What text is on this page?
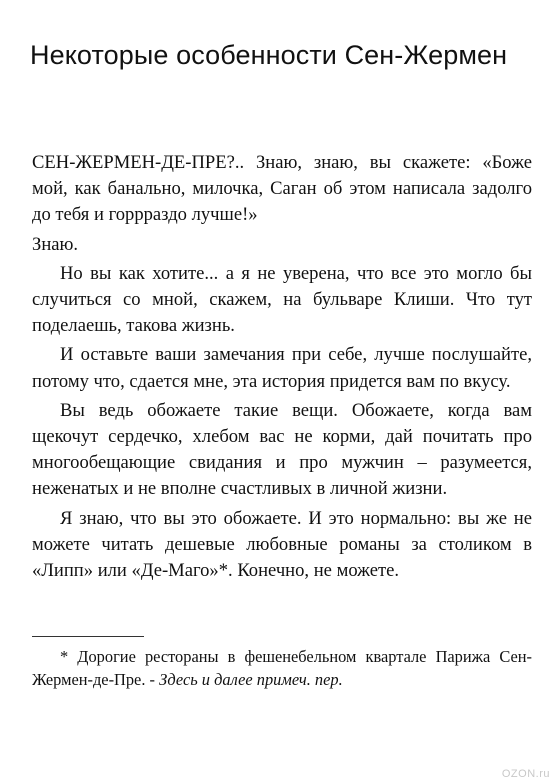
Некоторые особенности Сен-Жермен

СЕН-ЖЕРМЕН-ДЕ-ПРЕ?.. Знаю, знаю, вы скажете: «Боже мой, как банально, милочка, Саган об этом написала задолго до тебя и горрраздо лучше!»

Знаю.

Но вы как хотите... а я не уверена, что все это могло бы случиться со мной, скажем, на бульваре Клиши. Что тут поделаешь, такова жизнь.

И оставьте ваши замечания при себе, лучше послушайте, потому что, сдается мне, эта история придется вам по вкусу.

Вы ведь обожаете такие вещи. Обожаете, когда вам щекочут сердечко, хлебом вас не корми, дай почитать про многообещающие свидания и про мужчин – разумеется, неженатых и не вполне счастливых в личной жизни.

Я знаю, что вы это обожаете. И это нормально: вы же не можете читать дешевые любовные романы за столиком в «Липп» или «Де-Маго»*. Конечно, не можете.

* Дорогие рестораны в фешенебельном квартале Парижа Сен-Жермен-де-Пре. - Здесь и далее примеч. пер.

OZON.ru
